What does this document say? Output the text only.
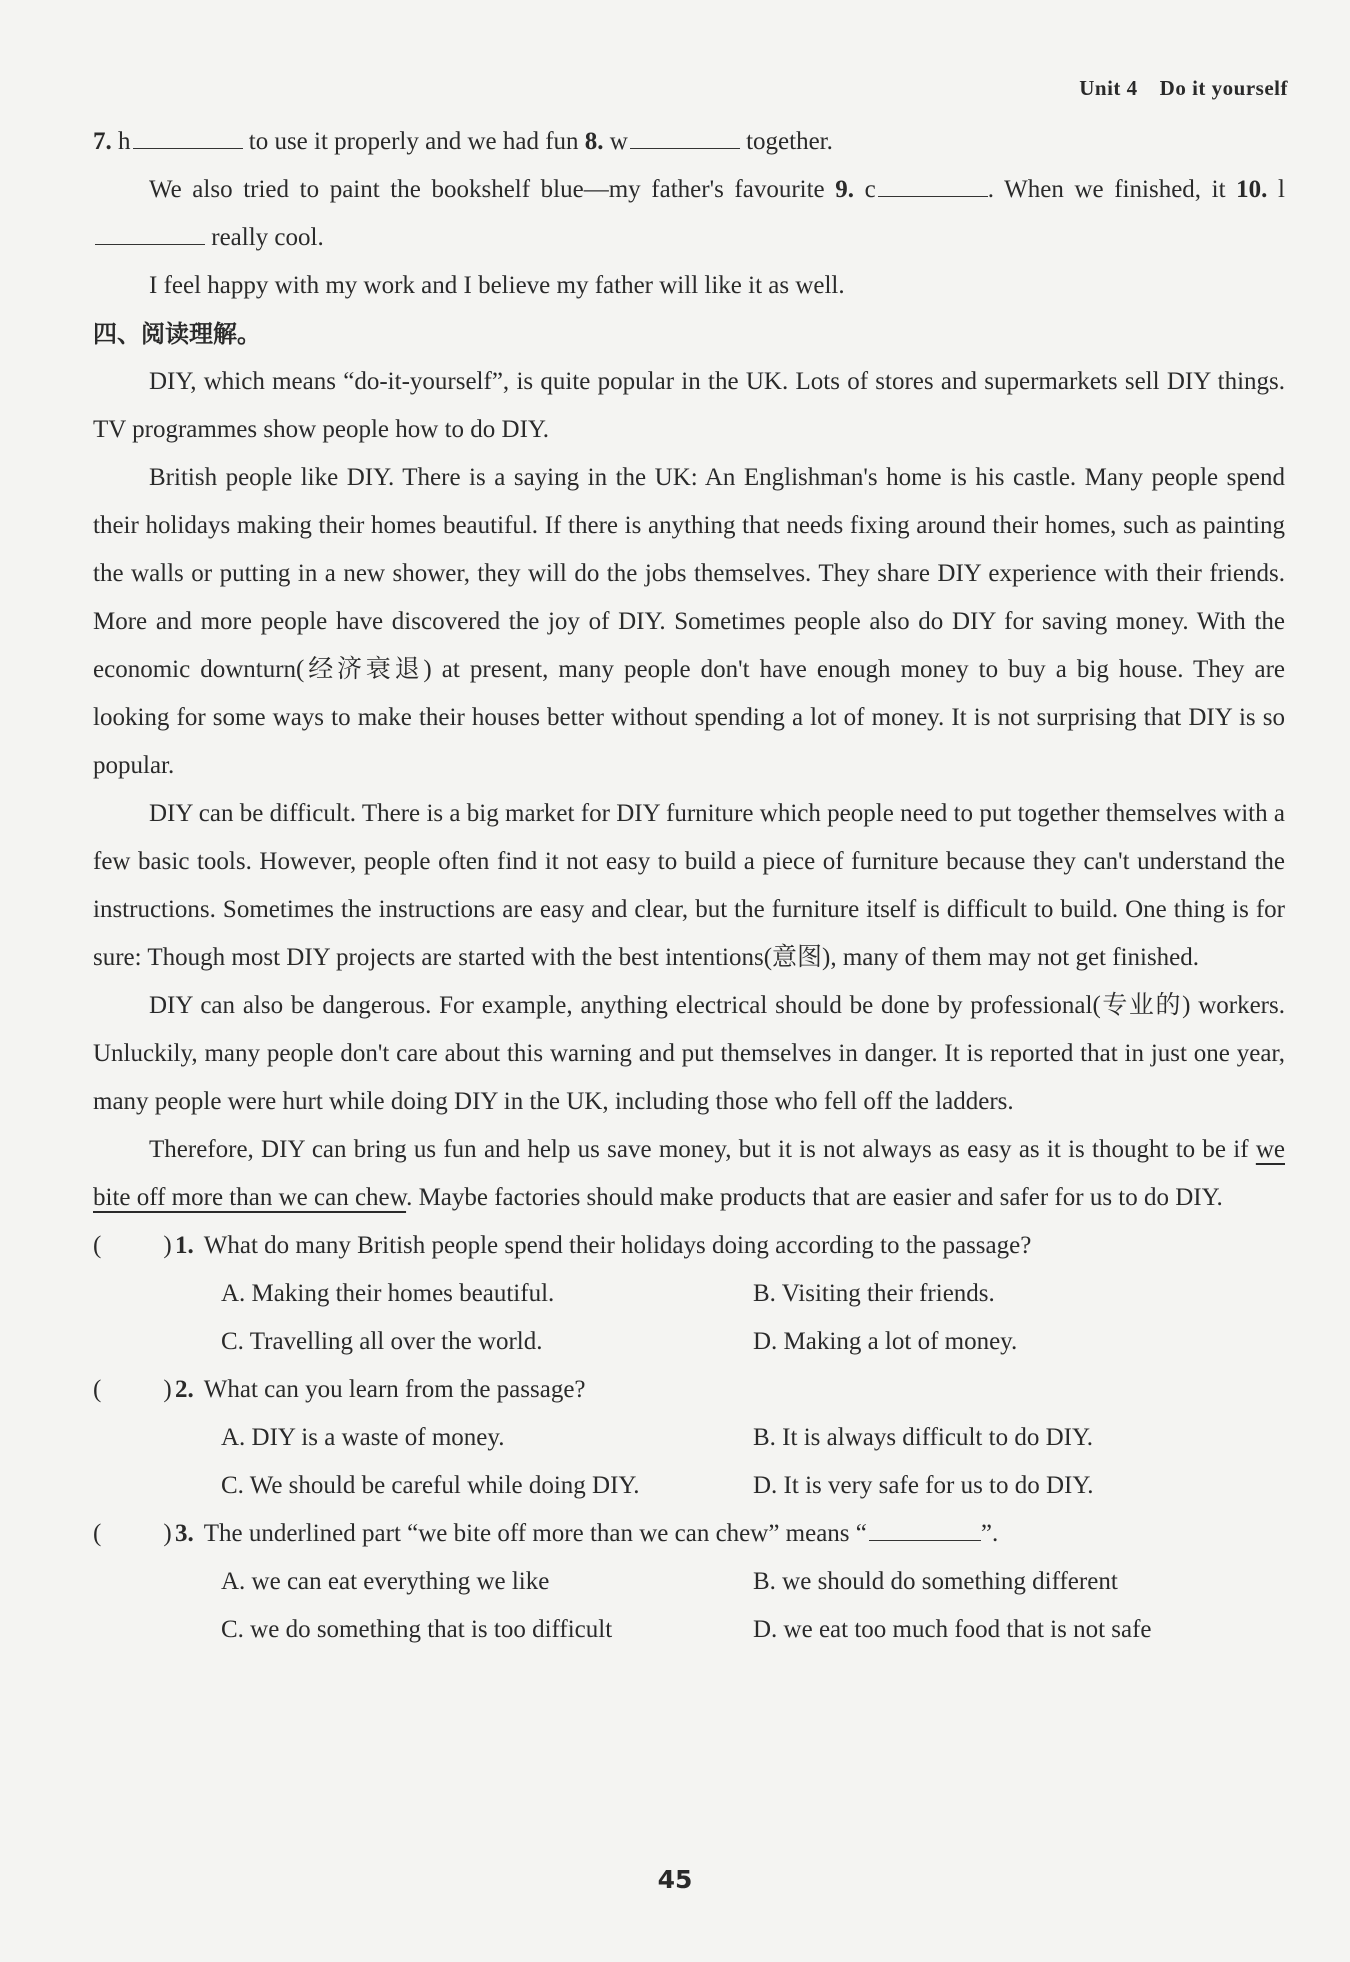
Unit 4 Do it yourself

7. h	to use it properly and we had fun 8. w	together.

We also tried to paint the bookshelf blue—my father's favourite 9. c	. When we finished, it 10. l really cool.

I feel happy with my work and I believe my father will like it as well.

四、阅读理解。

DIY, which means “do-it-yourself”, is quite popular in the UK. Lots of stores and supermarkets sell DIY things. TV programmes show people how to do DIY.

British people like DIY. There is a saying in the UK: An Englishman's home is his castle. Many people spend their holidays making their homes beautiful. If there is anything that needs fixing around their homes, such as painting the walls or putting in a new shower, they will do the jobs themselves. They share DIY experience with their friends. More and more people have discovered the joy of DIY. Sometimes people also do DIY for saving money. With the economic downturn(经济衰退) at present, many people don't have enough money to buy a big house. They are looking for some ways to make their houses better without spending a lot of money. It is not surprising that DIY is so popular.

DIY can be difficult. There is a big market for DIY furniture which people need to put together themselves with a few basic tools. However, people often find it not easy to build a piece of furniture because they can't understand the instructions. Sometimes the instructions are easy and clear, but the furniture itself is difficult to build. One thing is for sure: Though most DIY projects are started with the best intentions(意图), many of them may not get finished.

DIY can also be dangerous. For example, anything electrical should be done by professional(专业的) workers. Unluckily, many people don't care about this warning and put themselves in danger. It is reported that in just one year, many people were hurt while doing DIY in the UK, including those who fell off the ladders.

Therefore, DIY can bring us fun and help us save money, but it is not always as easy as it is thought to be if we bite off more than we can chew. Maybe factories should make products that are easier and safer for us to do DIY.

( ) 1. What do many British people spend their holidays doing according to the passage?

A. Making their homes beautiful.	B. Visiting their friends.
C. Travelling all over the world.	D. Making a lot of money.

( ) 2. What can you learn from the passage?

A. DIY is a waste of money.	B. It is always difficult to do DIY.
C. We should be careful while doing DIY.	D. It is very safe for us to do DIY.

( ) 3. The underlined part “we bite off more than we can chew” means “	”.

A. we can eat everything we like	B. we should do something different
C. we do something that is too difficult	D. we eat too much food that is not safe
45
